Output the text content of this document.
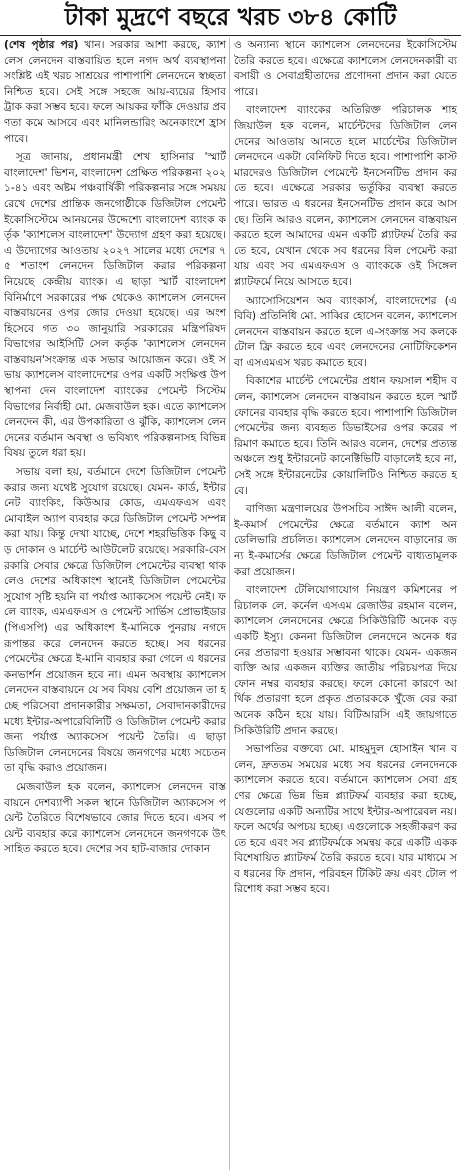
টাকা মুদ্রণে বছরে খরচ ৩৮৪ কোটি

(শেষ পৃষ্ঠার পর) খান। সরকার আশা করছে, ক্যাশলেস লেনদেন বাস্তবায়িত হলে নগদ অর্থ ব্যবস্থাপনা সংশ্লিষ্ট এই খরচ সাশ্রয়ের পাশাপাশি লেনদেনে স্বচ্ছতা নিশ্চিত হবে। সেই সঙ্গে সহজে আয়-ব্যয়ের হিসাব ট্রাক করা সম্ভব হবে। ফলে আয়কর ফাঁকি দেওয়ার প্রবণতা কমে আসবে এবং মানিলন্ডারিং অনেকাংশে হ্রাস পাবে।

সূত্র জানায়, প্রধানমন্ত্রী শেখ হাসিনার 'স্মার্ট বাংলাদেশ' ভিশন, বাংলাদেশ প্রেক্ষিত পরিকল্পনা ২০২১-৪১ এবং অষ্টম পঞ্চবার্ষিকী পরিকল্পনার সঙ্গে সময়য় রেখে দেশের প্রান্তিক জনগোষ্ঠীকে ডিজিটাল পেমেন্ট ইকোসিস্টেমে আনয়নের উদ্দেশ্যে বাংলাদেশ ব্যাংক কর্তৃক 'ক্যাশলেস বাংলাদেশ' উদ্যোগ গ্রহণ করা হয়েছে। এ উদ্যোগের আওতায় ২০২৭ সালের মধ্যে দেশের ৭৫ শতাংশ লেনদেন ডিজিটাল করার পরিকল্পনা নিয়েছে কেন্দ্রীয় ব্যাংক। এ ছাড়া স্মার্ট বাংলাদেশ বিনির্মাণে সরকারের পক্ষ থেকেও ক্যাশলেস লেনদেন বাস্তবায়নের ওপর জোর দেওয়া হয়েছে। এর অংশ হিসেবে গত ৩০ জানুয়ারি সরকারের মন্ত্রিপরিষদ বিভাগের আইসিটি সেল কর্তৃক 'ক্যাশলেস লেনদেন বাস্তবায়ন'সংক্রান্ত এক সভার আয়োজন করে। ওই সভায় ক্যাশলেস বাংলাদেশের ওপর একটি সংক্ষিপ্ত উপস্থাপনা দেন বাংলাদেশ ব্যাংকের পেমেন্ট সিস্টেম বিভাগের নির্বাহী মো. মেজবাউল হক। এতে ক্যাশলেস লেনদেন কী, এর উপকারিতা ও ঝুঁকি, ক্যাশলেস লেনদেনের বর্তমান অবস্থা ও ভবিষ্যৎ পরিকল্পনাসহ বিভিন্ন বিষয় তুলে ধরা হয়।

সভায় বলা হয়, বর্তমানে দেশে ডিজিটাল পেমেন্ট করার জন্য যথেষ্ট সুযোগ রয়েছে। যেমন- কার্ড, ইন্টারনেট ব্যাংকিং, কিউআর কোড, এমএফএস এবং মোবাইল অ্যাপ ব্যবহার করে ডিজিটাল পেমেন্ট সম্পন্ন করা যায়। কিন্তু দেখা যাচ্ছে, দেশে শহরভিত্তিক কিছু বড় দোকান ও মার্চেন্ট আউটলেট রয়েছে। সরকারি-বেসরকারি সেবার ক্ষেত্রে ডিজিটাল পেমেন্টের ব্যবস্থা থাকলেও দেশের অধিকাংশ স্থানেই ডিজিটাল পেমেন্টের সুযোগ সৃষ্টি হয়নি বা পর্যাপ্ত অ্যাকসেস পয়েন্ট নেই। ফলে ব্যাংক, এমএফএস ও পেমেন্ট সার্ভিস প্রোভাইডার (পিএসপি) এর অধিকাংশ ই-মানিকে পুনরায় নগদে রূপান্তর করে লেনদেন করতে হচ্ছে। সব ধরনের পেমেন্টের ক্ষেত্রে ই-মানি ব্যবহার করা গেলে এ ধরনের কনভার্শন প্রয়োজন হবে না। এমন অবস্থায় ক্যাশলেস লেনদেন বাস্তবায়নে যে সব বিষয় বেশি প্রয়োজন তা হচ্ছে পরিসেবা প্রদানকারীর সক্ষমতা, সেবাদানকারীদের মধ্যে ইন্টার-অপারেবিলিটি ও ডিজিটাল পেমেন্ট করার জন্য পর্যাপ্ত অ্যাকসেস পয়েন্ট তৈরি। এ ছাড়া ডিজিটাল লেনদেনের বিষয়ে জনগণের মধ্যে সচেতনতা বৃদ্ধি করাও প্রয়োজন।

মেজবাউল হক বলেন, ক্যাশলেস লেনদেন বাস্তবায়নে দেশব্যাপী সকল স্থানে ডিজিটাল অ্যাকসেস পয়েন্ট তৈরিতে বিশেষভাবে জোর দিতে হবে। এসব পয়েন্ট ব্যবহার করে ক্যাশলেস লেনদেনে জনগণকে উৎসাহিত করতে হবে। দেশের সব হাট-বাজার দোকান

ও অন্যান্য স্থানে ক্যাশলেস লেনদেনের ইকোসিস্টেম তৈরি করতে হবে। এক্ষেত্রে ক্যাশলেস লেনদেনকারী ব্যবসায়ী ও সেবাগ্রহীতাদের প্রণোদনা প্রদান করা যেতে পারে।

বাংলাদেশ ব্যাংকের অতিরিক্ত পরিচালক শাহ জিয়াউল হক বলেন, মার্চেন্টদের ডিজিটাল লেনদেনের আওতায় আনতে হলে মার্চেন্টের ডিজিটাল লেনদেনে একটা বেনিফিট দিতে হবে। পাশাপাশি কাস্টমারদেরও ডিজিটাল পেমেন্টে ইনসেনটিভ প্রদান করতে হবে। এক্ষেত্রে সরকার ভর্তুকির ব্যবস্থা করতে পারে। ভারত এ ধরনের ইনসেনটিভ প্রদান করে আসছে। তিনি আরও বলেন, ক্যাশলেস লেনদেন বাস্তবায়ন করতে হলে আমাদের এমন একটি প্ল্যাটফর্ম তৈরি করতে হবে, যেখান থেকে সব ধরনের বিল পেমেন্ট করা যায় এবং সব এমএফএস ও ব্যাংককে ওই সিঙ্গেল প্ল্যাটফর্মে নিয়ে আসতে হবে।

অ্যাসোসিয়েশন অব ব্যাংকার্স, বাংলাদেশের (এবিবি) প্রতিনিধি মো. সাব্বির হোসেন বলেন, ক্যাশলেস লেনদেন বাস্তবায়ন করতে হলে এ-সংক্রান্ত সব কলকে টোল ফ্রি করতে হবে এবং লেনদেনের নোটিফিকেশন বা এসএমএস খরচ কমাতে হবে।

বিকাশের মার্চেন্ট পেমেন্টের প্রধান ফয়সাল শহীদ বলেন, ক্যাশলেস লেনদেন বাস্তবায়ন করতে হলে স্মার্ট ফোনের ব্যবহার বৃদ্ধি করতে হবে। পাশাপাশি ডিজিটাল পেমেন্টের জন্য ব্যবহৃত ডিভাইসের ওপর করের পরিমাণ কমাতে হবে। তিনি আরও বলেন, দেশের প্রত্যন্ত অঞ্চলে শুধু ইন্টারনেট কানেক্টিভিটি বাড়ালেই হবে না, সেই সঙ্গে ইন্টারনেটের কোয়ালিটিও নিশ্চিত করতে হবে।

বাণিজ্য মন্ত্রণালয়ের উপসচিব সাঈদ আলী বলেন, ই-কমার্স পেমেন্টের ক্ষেত্রে বর্তমানে ক্যাশ অন ডেলিভারি প্রচলিত। ক্যাশলেস লেনদেন বাড়ানোর জন্য ই-কমার্সের ক্ষেত্রে ডিজিটাল পেমেন্ট বাধ্যতামূলক করা প্রয়োজন।

বাংলাদেশ টেলিযোগাযোগ নিয়ন্ত্রণ কমিশনের পরিচালক লে. কর্নেল এসএম রেজাউর রহমান বলেন, ক্যাশলেস লেনদেনের ক্ষেত্রে সিকিউরিটি অনেক বড় একটি ইস্যু। কেননা ডিজিটাল লেনদেনে অনেক ধরনের প্রতারণা হওয়ার সম্ভাবনা থাকে। যেমন- একজন ব্যক্তি আর একজন ব্যক্তির জাতীয় পরিচয়পত্র দিয়ে ফোন নম্বর ব্যবহার করছে। ফলে কোনো কারণে আর্থিক প্রতারণা হলে প্রকৃত প্রতারককে খুঁজে বের করা অনেক কঠিন হয়ে যায়। বিটিআরসি এই জায়গাতে সিকিউরিটি প্রদান করছে।

সভাপতির বক্তব্যে মো. মাহমুদুল হোসাইন খান বলেন, দ্রুততম সময়ের মধ্যে সব ধরনের লেনদেনকে ক্যাশলেস করতে হবে। বর্তমানে ক্যাশলেস সেবা গ্রহণের ক্ষেত্রে ভিন্ন ভিন্ন প্ল্যাটফর্ম ব্যবহার করা হচ্ছে, যেগুলোর একটি অন্যটির সাথে ইন্টার-অপারেবল নয়। ফলে অর্থের অপচয় হচ্ছে। এগুলোকে সহজীকরণ করতে হবে এবং সব প্ল্যাটফর্মকে সমন্বয় করে একটি একক বিশেষায়িত প্ল্যাটফর্ম তৈরি করতে হবে। যার মাধ্যমে সব ধরনের ফি প্রদান, পরিবহন টিকিট ক্রয় এবং টোল পরিশোধ করা সম্ভব হবে।
